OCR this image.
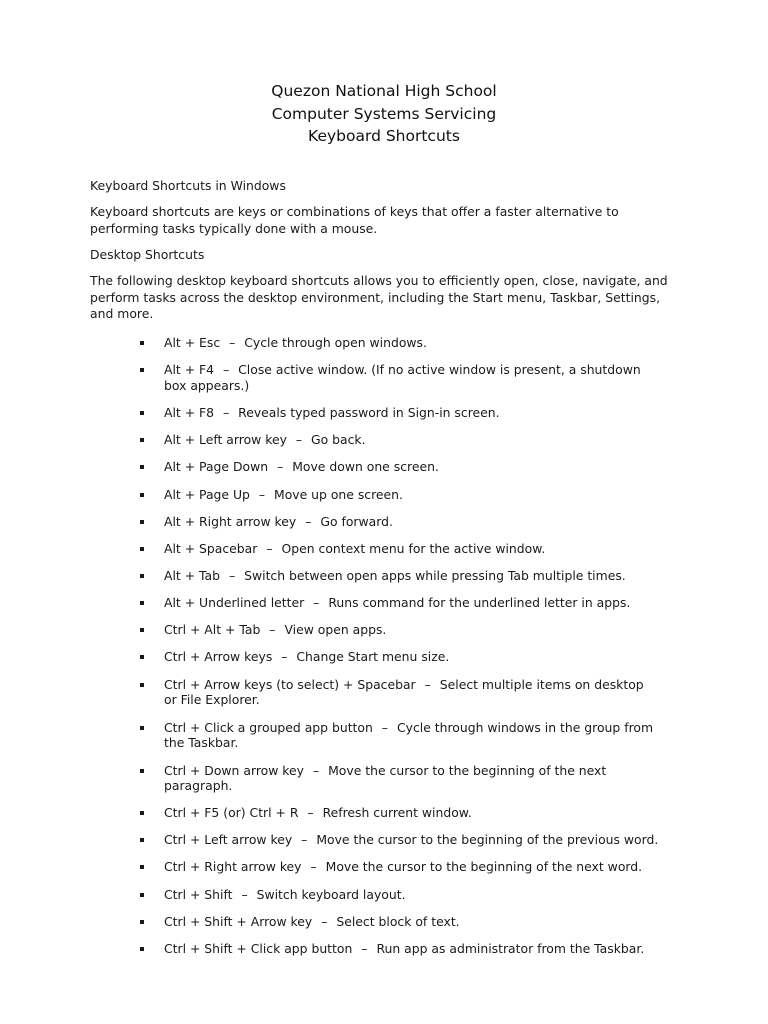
Quezon National High School
Computer Systems Servicing
Keyboard Shortcuts
Keyboard Shortcuts in Windows
Keyboard shortcuts are keys or combinations of keys that offer a faster alternative to performing tasks typically done with a mouse.
Desktop Shortcuts
The following desktop keyboard shortcuts allows you to efficiently open, close, navigate, and perform tasks across the desktop environment, including the Start menu, Taskbar, Settings, and more.
Alt + Esc – Cycle through open windows.
Alt + F4 – Close active window. (If no active window is present, a shutdown box appears.)
Alt + F8 – Reveals typed password in Sign-in screen.
Alt + Left arrow key – Go back.
Alt + Page Down – Move down one screen.
Alt + Page Up – Move up one screen.
Alt + Right arrow key – Go forward.
Alt + Spacebar – Open context menu for the active window.
Alt + Tab – Switch between open apps while pressing Tab multiple times.
Alt + Underlined letter – Runs command for the underlined letter in apps.
Ctrl + Alt + Tab – View open apps.
Ctrl + Arrow keys – Change Start menu size.
Ctrl + Arrow keys (to select) + Spacebar – Select multiple items on desktop or File Explorer.
Ctrl + Click a grouped app button – Cycle through windows in the group from the Taskbar.
Ctrl + Down arrow key – Move the cursor to the beginning of the next paragraph.
Ctrl + F5 (or) Ctrl + R – Refresh current window.
Ctrl + Left arrow key – Move the cursor to the beginning of the previous word.
Ctrl + Right arrow key – Move the cursor to the beginning of the next word.
Ctrl + Shift – Switch keyboard layout.
Ctrl + Shift + Arrow key – Select block of text.
Ctrl + Shift + Click app button – Run app as administrator from the Taskbar.
